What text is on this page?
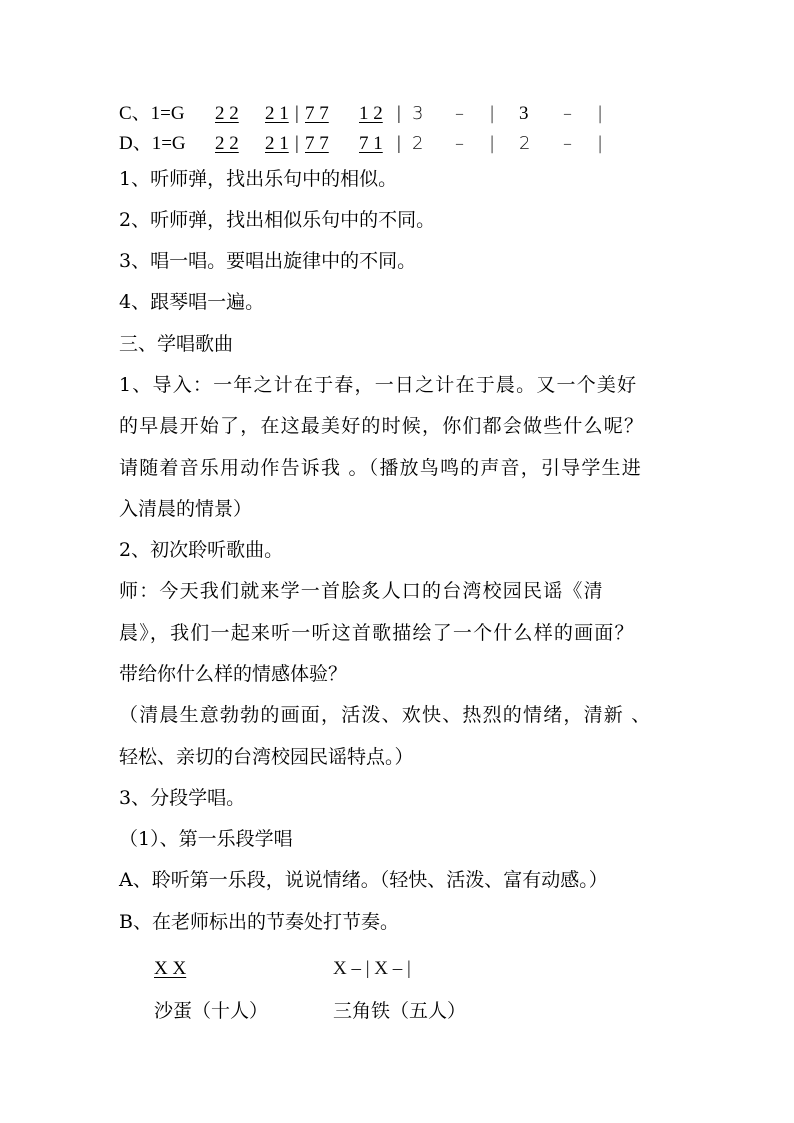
C、1=G 2 2 2 1 | 7 7 1 2 | 3 – | 3 – |
D、1=G 2 2 2 1 | 7 7 7 1 | 2 – | 2 – |
1、听师弹，找出乐句中的相似。
2、听师弹，找出相似乐句中的不同。
3、唱一唱。要唱出旋律中的不同。
4、跟琴唱一遍。
三、学唱歌曲
1、导入：一年之计在于春，一日之计在于晨。又一个美好
的早晨开始了，在这最美好的时候，你们都会做些什么呢？
请随着音乐用动作告诉我 。（播放鸟鸣的声音，引导学生进
入清晨的情景）
2、初次聆听歌曲。
师：今天我们就来学一首脍炙人口的台湾校园民谣《清
晨》，我们一起来听一听这首歌描绘了一个什么样的画面？
带给你什么样的情感体验？
（清晨生意勃勃的画面，活泼、欢快、热烈的情绪，清新 、
轻松、亲切的台湾校园民谣特点。）
3、分段学唱。
（1）、第一乐段学唱
A、聆听第一乐段，说说情绪。（轻快、活泼、富有动感。）
B、在老师标出的节奏处打节奏。
X X	X – | X – |
沙蛋（十人）	三角铁（五人）
